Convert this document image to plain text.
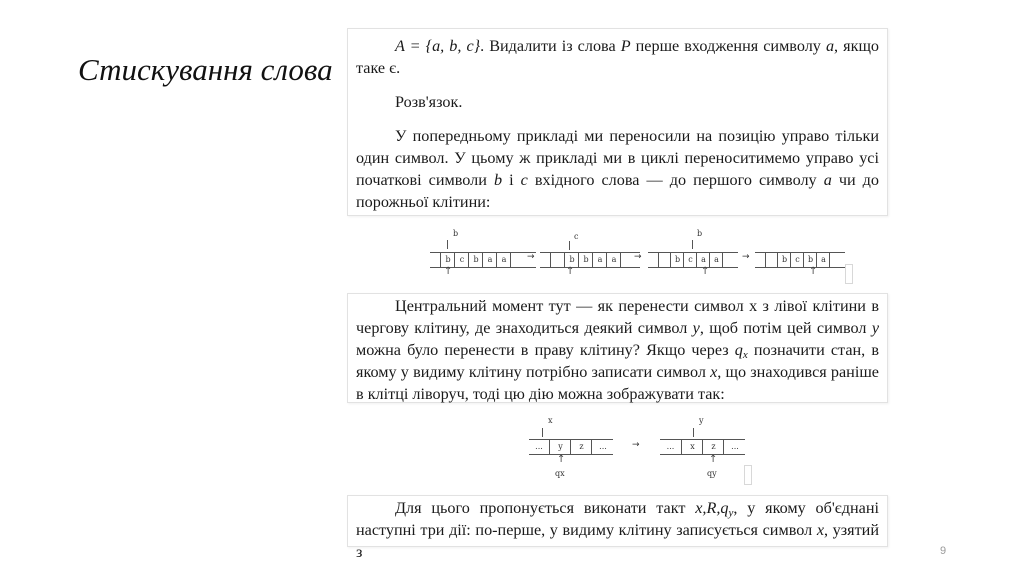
Стискування слова

A = {a, b, c}. Видалити із слова P перше входження символу a, якщо таке є.

Розв'язок.

У попередньому прикладі ми переносили на позицію управо тільки один символ. У цьому ж прикладі ми в циклі переноситимемо управо усі початкові символи b і c вхідного слова — до першого символу a чи до порожньої клітини:

b
b	c	b	a	a
↑
→
c
b	b	a	a
↑
→
b
b	c	a	a
↑
→	b	c	b	a
↑

Центральний момент тут — як перенести символ х з лівої клітини в чергову клітину, де знаходиться деякий символ y, щоб потім цей символ y можна було перенести в праву клітину? Якщо через $q_x$ позначити стан, в якому у видиму клітину потрібно записати символ x, що знаходився раніше в клітці ліворуч, тоді цю дію можна зображувати так:

x
...	y	z	...
↑
qx
→
y
...	x	z	...
↑
qy

Для цього пропонується виконати такт $x,R,q_y$, у якому об'єднані наступні три дії: по-перше, у видиму клітину записується символ x, узятий з	9
